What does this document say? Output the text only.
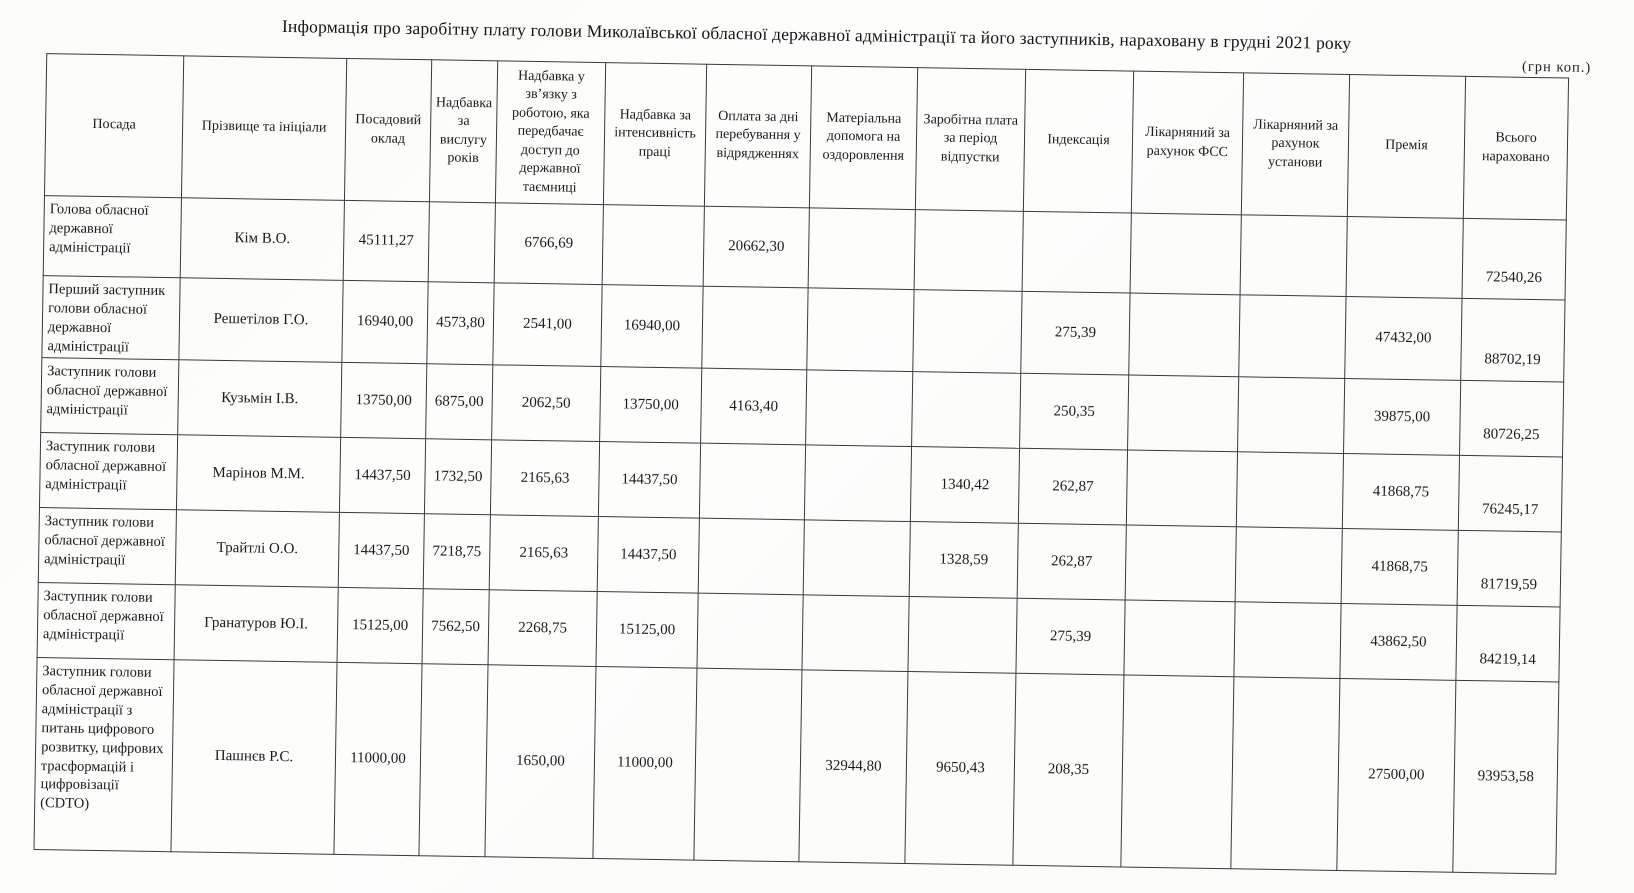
Інформація про заробітну плату голови Миколаївської обласної державної адміністрації та його заступників, нараховану в грудні 2021 року
(грн коп.)
Посада	Прізвище та ініціали	Посадовий оклад	Надбавка за вислугу років	Надбавка у зв’язку з роботою, яка передбачає доступ до державної таємниці	Надбавка за інтенсивність праці	Оплата за дні перебування у відрядженнях	Матеріальна допомога на оздоровлення	Заробітна плата за період відпустки	Індексація	Лікарняний за рахунок ФСС	Лікарняний за рахунок установи	Премія	Всього нараховано
Голова обласної державної адміністрації	Кім В.О.	45111,27		6766,69		20662,30							72540,26
Перший заступник голови обласної державної адміністрації	Решетілов Г.О.	16940,00	4573,80	2541,00	16940,00				275,39			47432,00	88702,19
Заступник голови обласної державної адміністрації	Кузьмін І.В.	13750,00	6875,00	2062,50	13750,00	4163,40			250,35			39875,00	80726,25
Заступник голови обласної державної адміністрації	Марінов М.М.	14437,50	1732,50	2165,63	14437,50			1340,42	262,87			41868,75	76245,17
Заступник голови обласної державної адміністрації	Трайтлі О.О.	14437,50	7218,75	2165,63	14437,50			1328,59	262,87			41868,75	81719,59
Заступник голови обласної державної адміністрації	Гранатуров Ю.І.	15125,00	7562,50	2268,75	15125,00				275,39			43862,50	84219,14
Заступник голови обласної державної адміністрації з питань цифрового розвитку, цифрових трасформацій і цифровізації (CDTO)	Пашнєв Р.С.	11000,00		1650,00	11000,00		32944,80	9650,43	208,35			27500,00	93953,58
